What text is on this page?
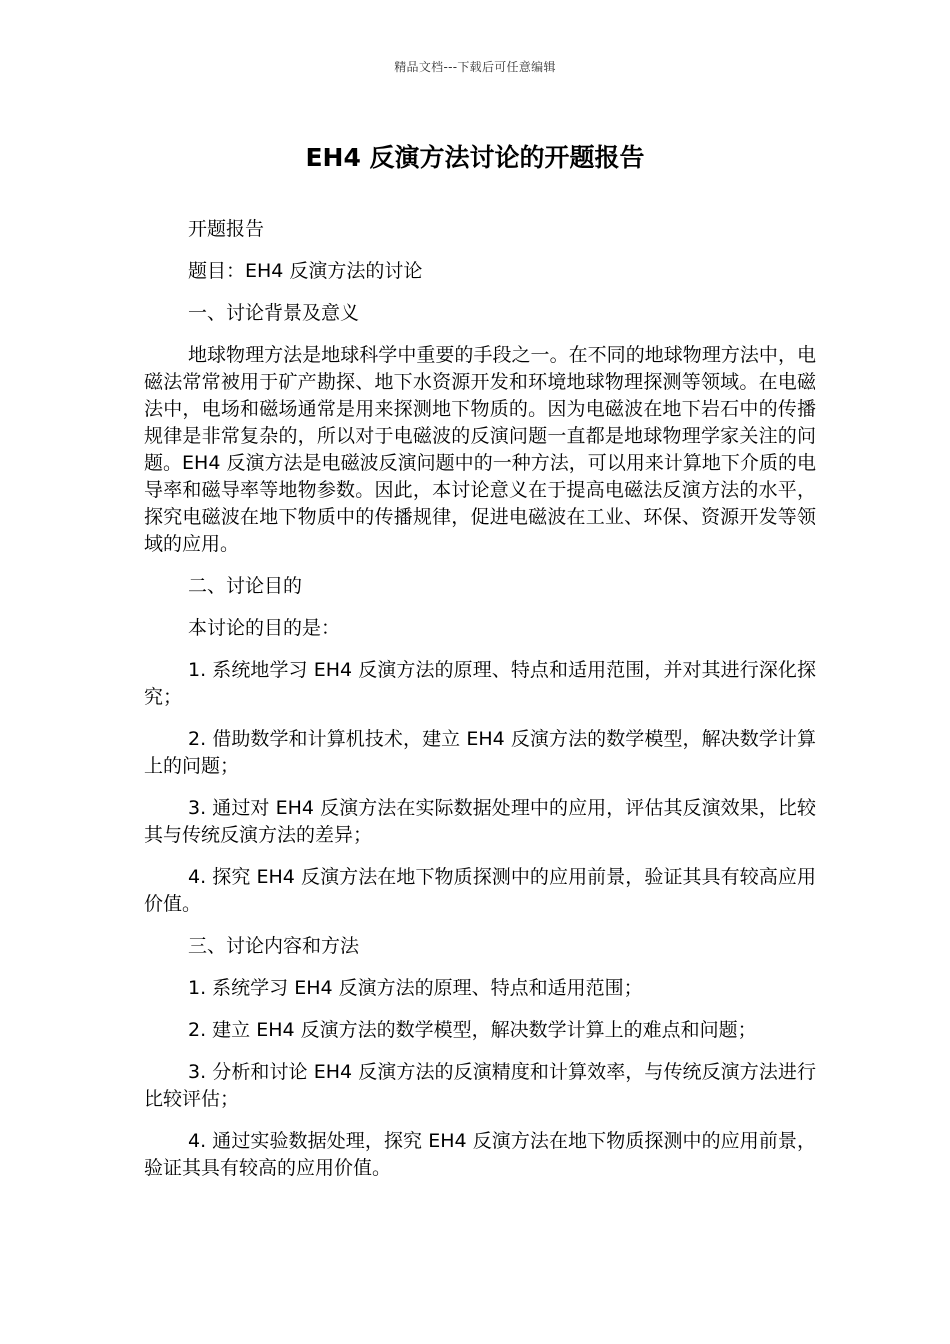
精品文档---下载后可任意编辑
EH4 反演方法讨论的开题报告

开题报告

题目：EH4 反演方法的讨论

一、讨论背景及意义

地球物理方法是地球科学中重要的手段之一。在不同的地球物理方法中，电磁法常常被用于矿产勘探、地下水资源开发和环境地球物理探测等领域。在电磁法中，电场和磁场通常是用来探测地下物质的。因为电磁波在地下岩石中的传播规律是非常复杂的，所以对于电磁波的反演问题一直都是地球物理学家关注的问题。EH4 反演方法是电磁波反演问题中的一种方法，可以用来计算地下介质的电导率和磁导率等地物参数。因此，本讨论意义在于提高电磁法反演方法的水平，探究电磁波在地下物质中的传播规律，促进电磁波在工业、环保、资源开发等领域的应用。

二、讨论目的

本讨论的目的是：

1. 系统地学习 EH4 反演方法的原理、特点和适用范围，并对其进行深化探究；

2. 借助数学和计算机技术，建立 EH4 反演方法的数学模型，解决数学计算上的问题；

3. 通过对 EH4 反演方法在实际数据处理中的应用，评估其反演效果，比较其与传统反演方法的差异；

4. 探究 EH4 反演方法在地下物质探测中的应用前景，验证其具有较高应用价值。

三、讨论内容和方法

1. 系统学习 EH4 反演方法的原理、特点和适用范围；

2. 建立 EH4 反演方法的数学模型，解决数学计算上的难点和问题；

3. 分析和讨论 EH4 反演方法的反演精度和计算效率，与传统反演方法进行比较评估；

4. 通过实验数据处理，探究 EH4 反演方法在地下物质探测中的应用前景，验证其具有较高的应用价值。
